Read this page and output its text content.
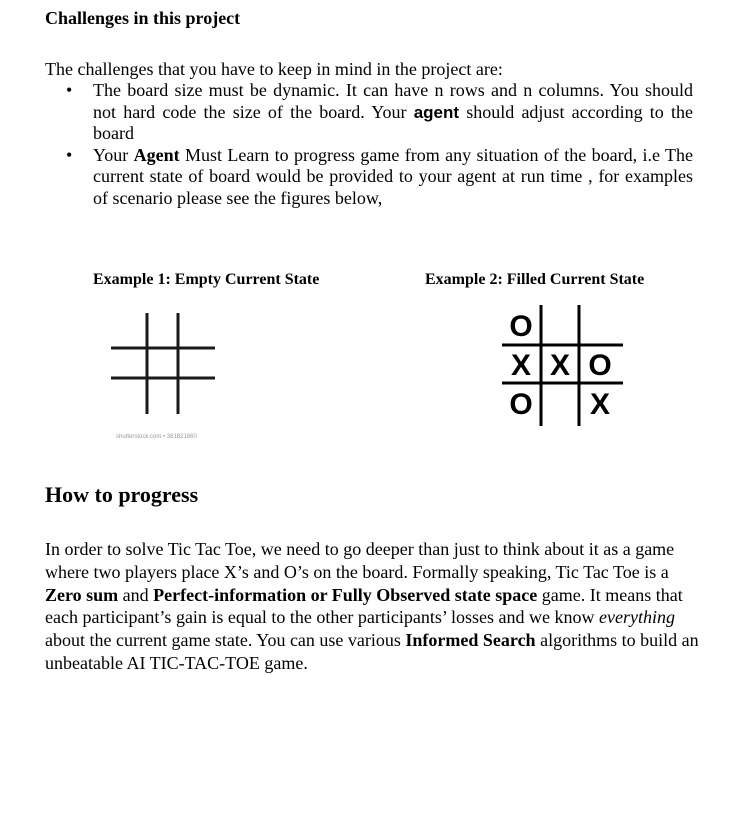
Challenges in this project

The challenges that you have to keep in mind in the project are:

• The board size must be dynamic. It can have n rows and n columns. You should not hard code the size of the board. Your agent should adjust according to the board
• Your Agent Must Learn to progress game from any situation of the board, i.e The current state of board would be provided to your agent at run time , for examples of scenario please see the figures below,
Example 1: Empty Current State	Example 2: Filled Current State
shutterstock.com • 381821860
O
X X O
O X
How to progress

In order to solve Tic Tac Toe, we need to go deeper than just to think about it as a game where two players place X’s and O’s on the board. Formally speaking, Tic Tac Toe is a Zero sum and Perfect-information or Fully Observed state space game. It means that each participant’s gain is equal to the other participants’ losses and we know everything about the current game state. You can use various Informed Search algorithms to build an unbeatable AI TIC-TAC-TOE game.
